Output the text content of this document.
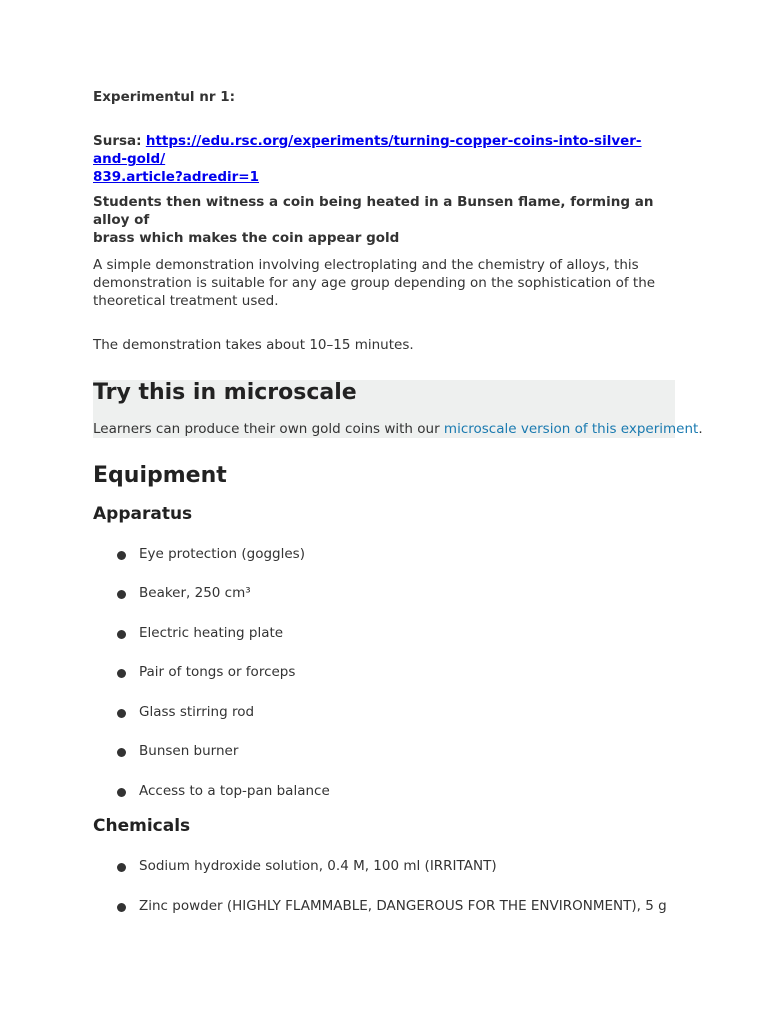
Experimentul nr 1:

Sursa: https://edu.rsc.org/experiments/turning-copper-coins-into-silver-and-gold/
839.article?adredir=1

Students then witness a coin being heated in a Bunsen flame, forming an alloy of
brass which makes the coin appear gold

A simple demonstration involving electroplating and the chemistry of alloys, this
demonstration is suitable for any age group depending on the sophistication of the
theoretical treatment used.

The demonstration takes about 10–15 minutes.

Try this in microscale

Learners can produce their own gold coins with our microscale version of this experiment.

Equipment
Apparatus
Eye protection (goggles)
Beaker, 250 cm³
Electric heating plate
Pair of tongs or forceps
Glass stirring rod
Bunsen burner
Access to a top-pan balance
Chemicals
Sodium hydroxide solution, 0.4 M, 100 ml (IRRITANT)
Zinc powder (HIGHLY FLAMMABLE, DANGEROUS FOR THE ENVIRONMENT), 5 g
